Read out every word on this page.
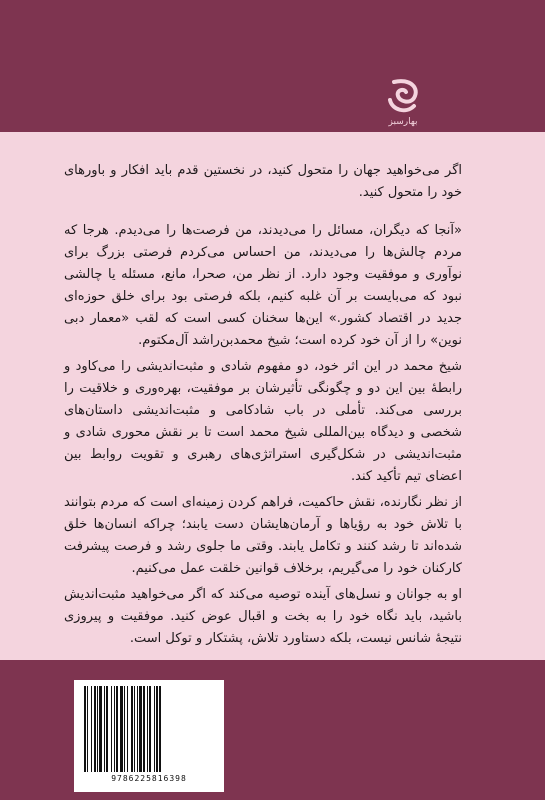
بهارسبز

اگر می‌خواهید جهان را متحول کنید، در نخستین قدم باید افکار و باورهای خود را متحول کنید.

«آنجا که دیگران، مسائل را می‌دیدند، من فرصت‌ها را می‌دیدم. هرجا که مردم چالش‌ها را می‌دیدند، من احساس می‌کردم فرصتی بزرگ برای نوآوری و موفقیت وجود دارد. از نظر من، صحرا، مانع، مسئله یا چالشی نبود که می‌بایست بر آن غلبه کنیم، بلکه فرصتی بود برای خلق حوزه‌ای جدید در اقتصاد کشور.» این‌ها سخنان کسی است که لقب «معمار دبی نوین» را از آن خود کرده است؛ شیخ محمدبن‌راشد آل‌مکتوم.

شیخ محمد در این اثر خود، دو مفهوم شادی و مثبت‌اندیشی را می‌کاود و رابطهٔ بین این دو و چگونگی تأثیرشان بر موفقیت، بهره‌وری و خلاقیت را بررسی می‌کند. تأملی در باب شادکامی و مثبت‌اندیشی داستان‌های شخصی و دیدگاه بین‌المللی شیخ محمد است تا بر نقش محوری شادی و مثبت‌اندیشی در شکل‌گیری استراتژی‌های رهبری و تقویت روابط بین اعضای تیم تأکید کند.

از نظر نگارنده، نقش حاکمیت، فراهم کردن زمینه‌ای است که مردم بتوانند با تلاش خود به رؤیاها و آرمان‌هایشان دست یابند؛ چراکه انسان‌ها خلق شده‌اند تا رشد کنند و تکامل یابند. وقتی ما جلوی رشد و فرصت پیشرفت کارکنان خود را می‌گیریم، برخلاف قوانین خلقت عمل می‌کنیم.

او به جوانان و نسل‌های آینده توصیه می‌کند که اگر می‌خواهید مثبت‌اندیش باشید، باید نگاه خود را به بخت و اقبال عوض کنید. موفقیت و پیروزی نتیجهٔ شانس نیست، بلکه دستاورد تلاش، پشتکار و توکل است.

9786225816398
